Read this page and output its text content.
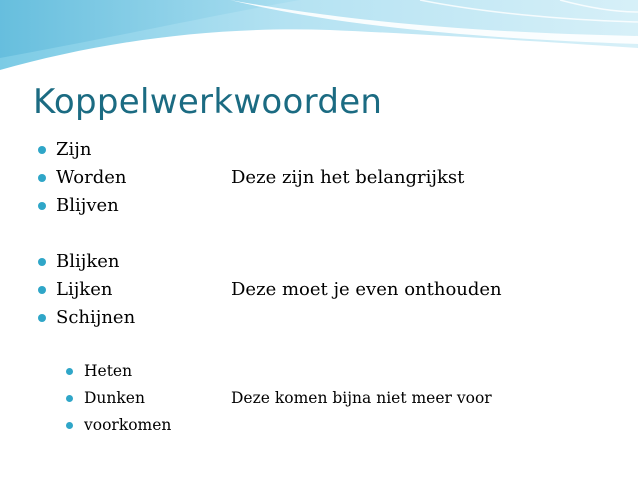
Koppelwerkwoorden
Zijn
Worden
Blijven

Deze zijn het belangrijkst

Blijken
Lijken
Schijnen

Deze moet je even onthouden

Heten
Dunken
voorkomen

Deze komen bijna niet meer voor
